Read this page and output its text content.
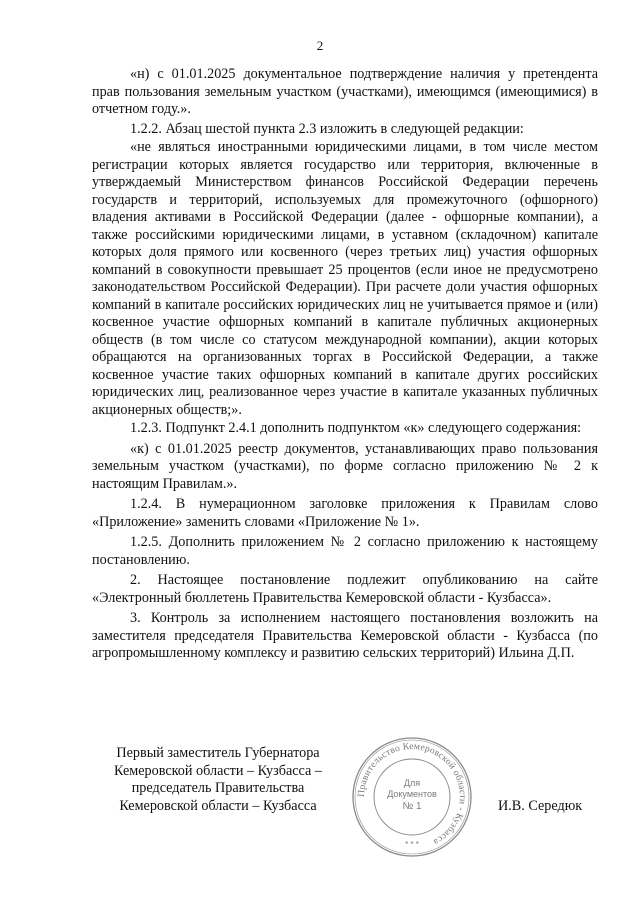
2

«н) с 01.01.2025 документальное подтверждение наличия у претендента прав пользования земельным участком (участками), имеющимся (имеющимися) в отчетном году.».

1.2.2. Абзац шестой пункта 2.3 изложить в следующей редакции:

«не являться иностранными юридическими лицами, в том числе местом регистрации которых является государство или территория, включенные в утверждаемый Министерством финансов Российской Федерации перечень государств и территорий, используемых для промежуточного (офшорного) владения активами в Российской Федерации (далее - офшорные компании), а также российскими юридическими лицами, в уставном (складочном) капитале которых доля прямого или косвенного (через третьих лиц) участия офшорных компаний в совокупности превышает 25 процентов (если иное не предусмотрено законодательством Российской Федерации). При расчете доли участия офшорных компаний в капитале российских юридических лиц не учитывается прямое и (или) косвенное участие офшорных компаний в капитале публичных акционерных обществ (в том числе со статусом международной компании), акции которых обращаются на организованных торгах в Российской Федерации, а также косвенное участие таких офшорных компаний в капитале других российских юридических лиц, реализованное через участие в капитале указанных публичных акционерных обществ;».

1.2.3. Подпункт 2.4.1 дополнить подпунктом «к» следующего содержания:

«к) с 01.01.2025 реестр документов, устанавливающих право пользования земельным участком (участками), по форме согласно приложению № 2 к настоящим Правилам.».

1.2.4. В нумерационном заголовке приложения к Правилам слово «Приложение» заменить словами «Приложение № 1».

1.2.5. Дополнить приложением № 2 согласно приложению к настоящему постановлению.

2. Настоящее постановление подлежит опубликованию на сайте «Электронный бюллетень Правительства Кемеровской области - Кузбасса».

3. Контроль за исполнением настоящего постановления возложить на заместителя председателя Правительства Кемеровской области - Кузбасса (по агропромышленному комплексу и развитию сельских территорий) Ильина Д.П.

Первый заместитель Губернатора
Кемеровской области – Кузбасса –
председатель Правительства
Кемеровской области – Кузбасса
Правительство Кемеровской области - Кузбасса
Для
Документов
№ 1
* * *
И.В. Середюк
